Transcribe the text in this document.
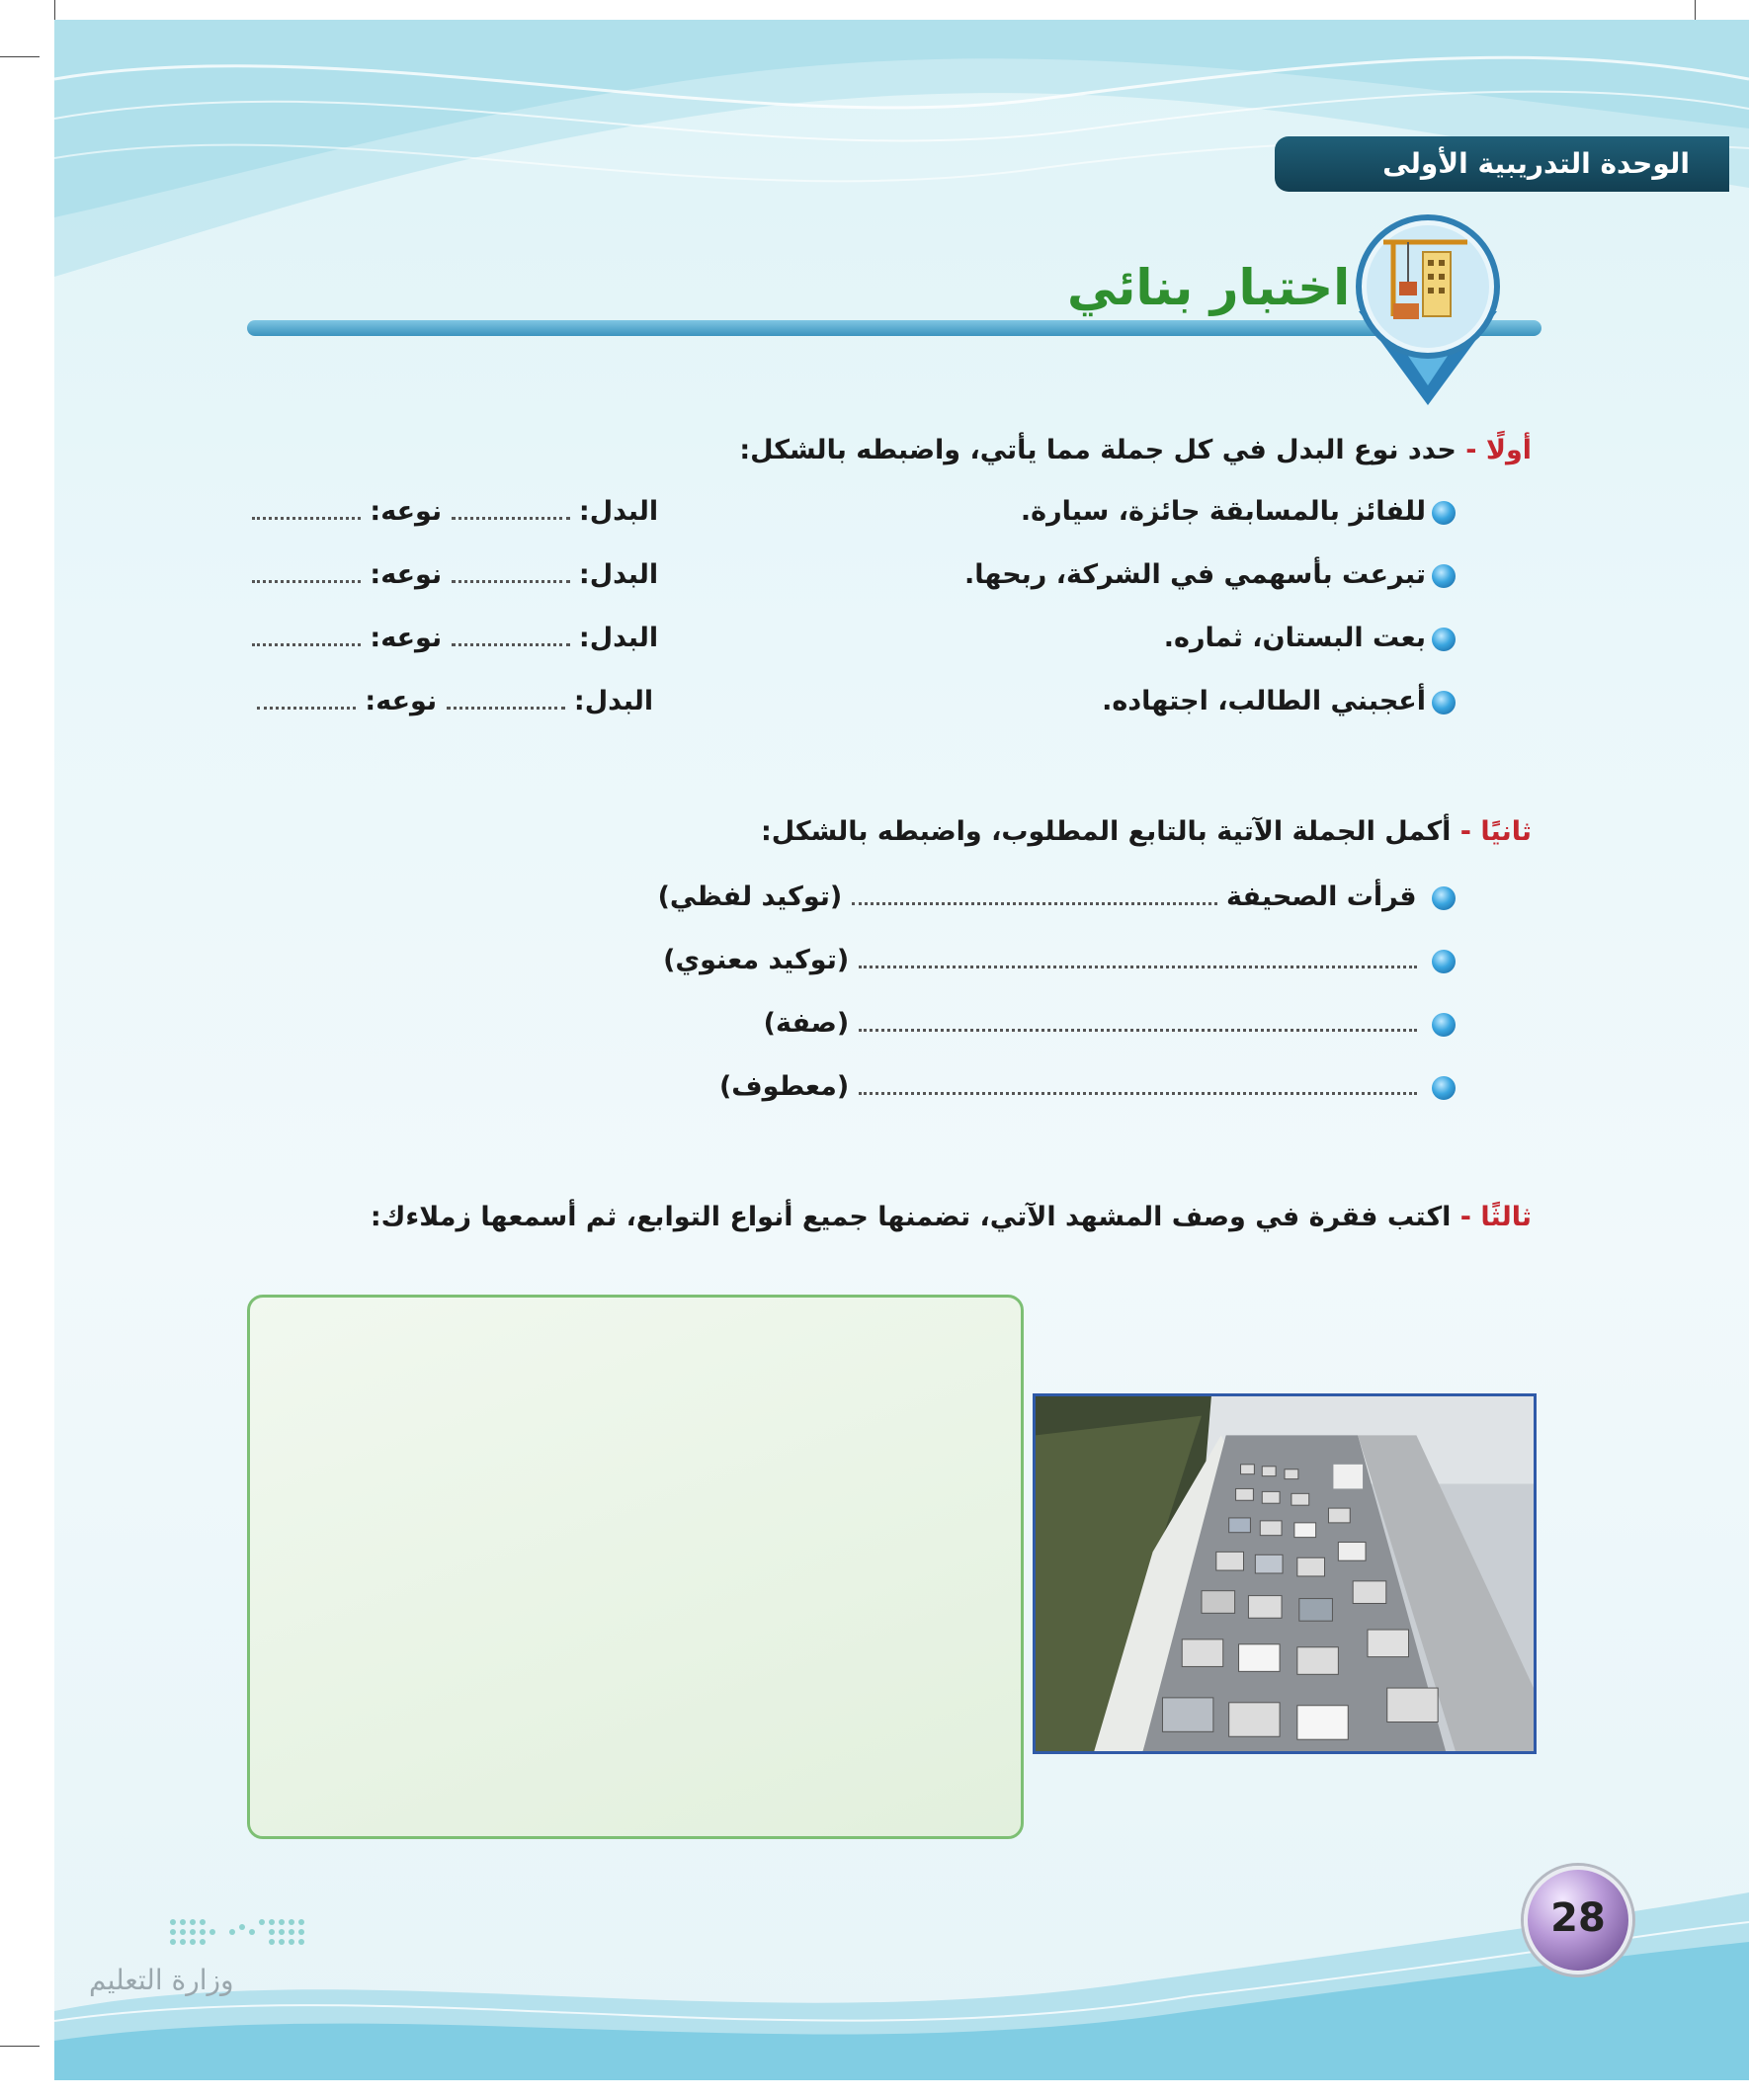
الوحدة التدريبية الأولى
اختبار بنائي
أولًا - حدد نوع البدل في كل جملة مما يأتي، واضبطه بالشكل:
للفائز بالمسابقة جائزة، سيارة.
تبرعت بأسهمي في الشركة، ربحها.
بعت البستان، ثماره.
أعجبني الطالب، اجتهاده.
البدل:  نوعه:
البدل:  نوعه:
البدل:  نوعه:
البدل:  نوعه:
ثانيًا - أكمل الجملة الآتية بالتابع المطلوب، واضبطه بالشكل:
قرأت الصحيفة  (توكيد لفظي)
(توكيد معنوي)
(صفة)
(معطوف)
ثالثًا - اكتب فقرة في وصف المشهد الآتي، تضمنها جميع أنواع التوابع، ثم أسمعها زملاءك:
28
وزارة التعليم
